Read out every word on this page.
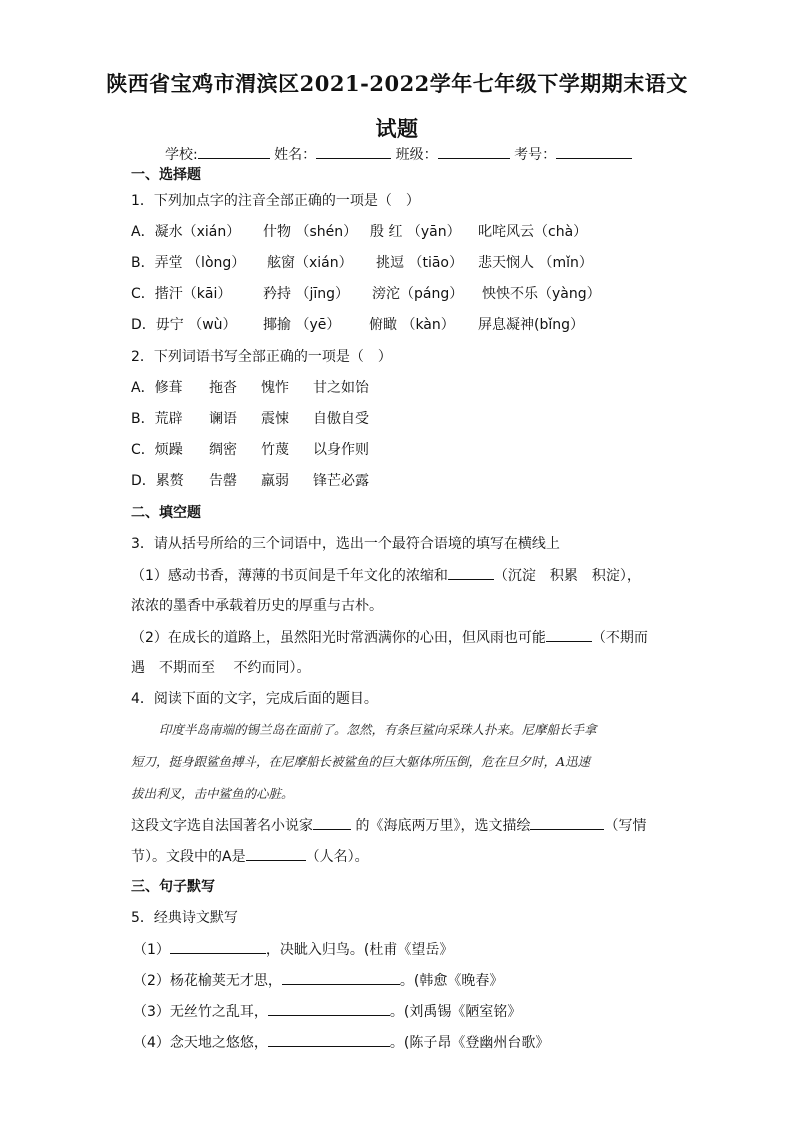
陕西省宝鸡市渭滨区2021-2022学年七年级下学期期末语文
试题
学校:	姓名：	班级：	考号：
一、选择题
1．下列加点字的注音全部正确的一项是（　）
A．凝水（xián） 什物 （shén） 殷 红 （yān） 叱咤风云（chà）
B．弄堂 （lòng） 舷窗（xián） 挑逗 （tiāo） 悲天悯人 （mǐn）
C．揩汗（kāi） 矜持 （jīng） 滂沱（páng） 怏怏不乐（yàng）
D．毋宁 （wù） 揶揄 （yē） 俯瞰 （kàn） 屏息凝神(bǐng）
2．下列词语书写全部正确的一项是（　）
A．修葺 拖沓 愧怍 甘之如饴
B．荒辟 谰语 震悚 自傲自受
C．烦躁 绸密 竹蔑 以身作则
D．累赘 告罄 羸弱 锋芒必露
二、填空题
3．请从括号所给的三个词语中，选出一个最符合语境的填写在横线上
（1）感动书香，薄薄的书页间是千年文化的浓缩和	（沉淀　积累　积淀），
浓浓的墨香中承载着历史的厚重与古朴。
（2）在成长的道路上，虽然阳光时常洒满你的心田，但风雨也可能	（不期而
遇　不期而至　 不约而同）。
4．阅读下面的文字，完成后面的题目。

印度半岛南端的锡兰岛在面前了。忽然，有条巨鲨向采珠人扑来。尼摩船长手拿

短刀，挺身跟鲨鱼搏斗，在尼摩船长被鲨鱼的巨大躯体所压倒，危在旦夕时，A迅速

拔出利叉，击中鲨鱼的心脏。

这段文字选自法国著名小说家	的《海底两万里》，选文描绘	（写情
节）。文段中的A是	（人名）。
三、句子默写
5．经典诗文默写
（1）	，决眦入归鸟。(杜甫《望岳》
（2）杨花榆荚无才思，	。(韩愈《晚春》
（3）无丝竹之乱耳，	。(刘禹锡《陋室铭》
（4）念天地之悠悠，	。(陈子昂《登幽州台歌》
